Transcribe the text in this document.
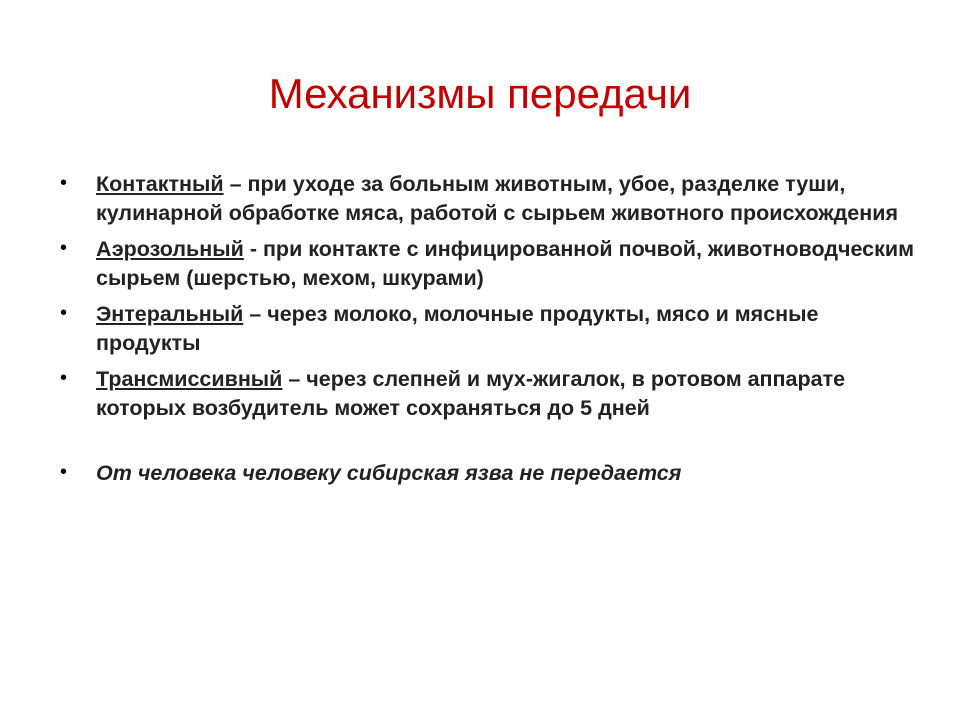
Механизмы передачи
• Контактный – при уходе за больным животным, убое, разделке туши, кулинарной обработке мяса, работой с сырьем животного происхождения
• Аэрозольный - при контакте с инфицированной почвой, животноводческим сырьем (шерстью, мехом, шкурами)
• Энтеральный – через молоко, молочные продукты, мясо и мясные продукты
• Трансмиссивный – через слепней и мух-жигалок, в ротовом аппарате которых возбудитель может сохраняться до 5 дней
• От человека человеку сибирская язва не передается
